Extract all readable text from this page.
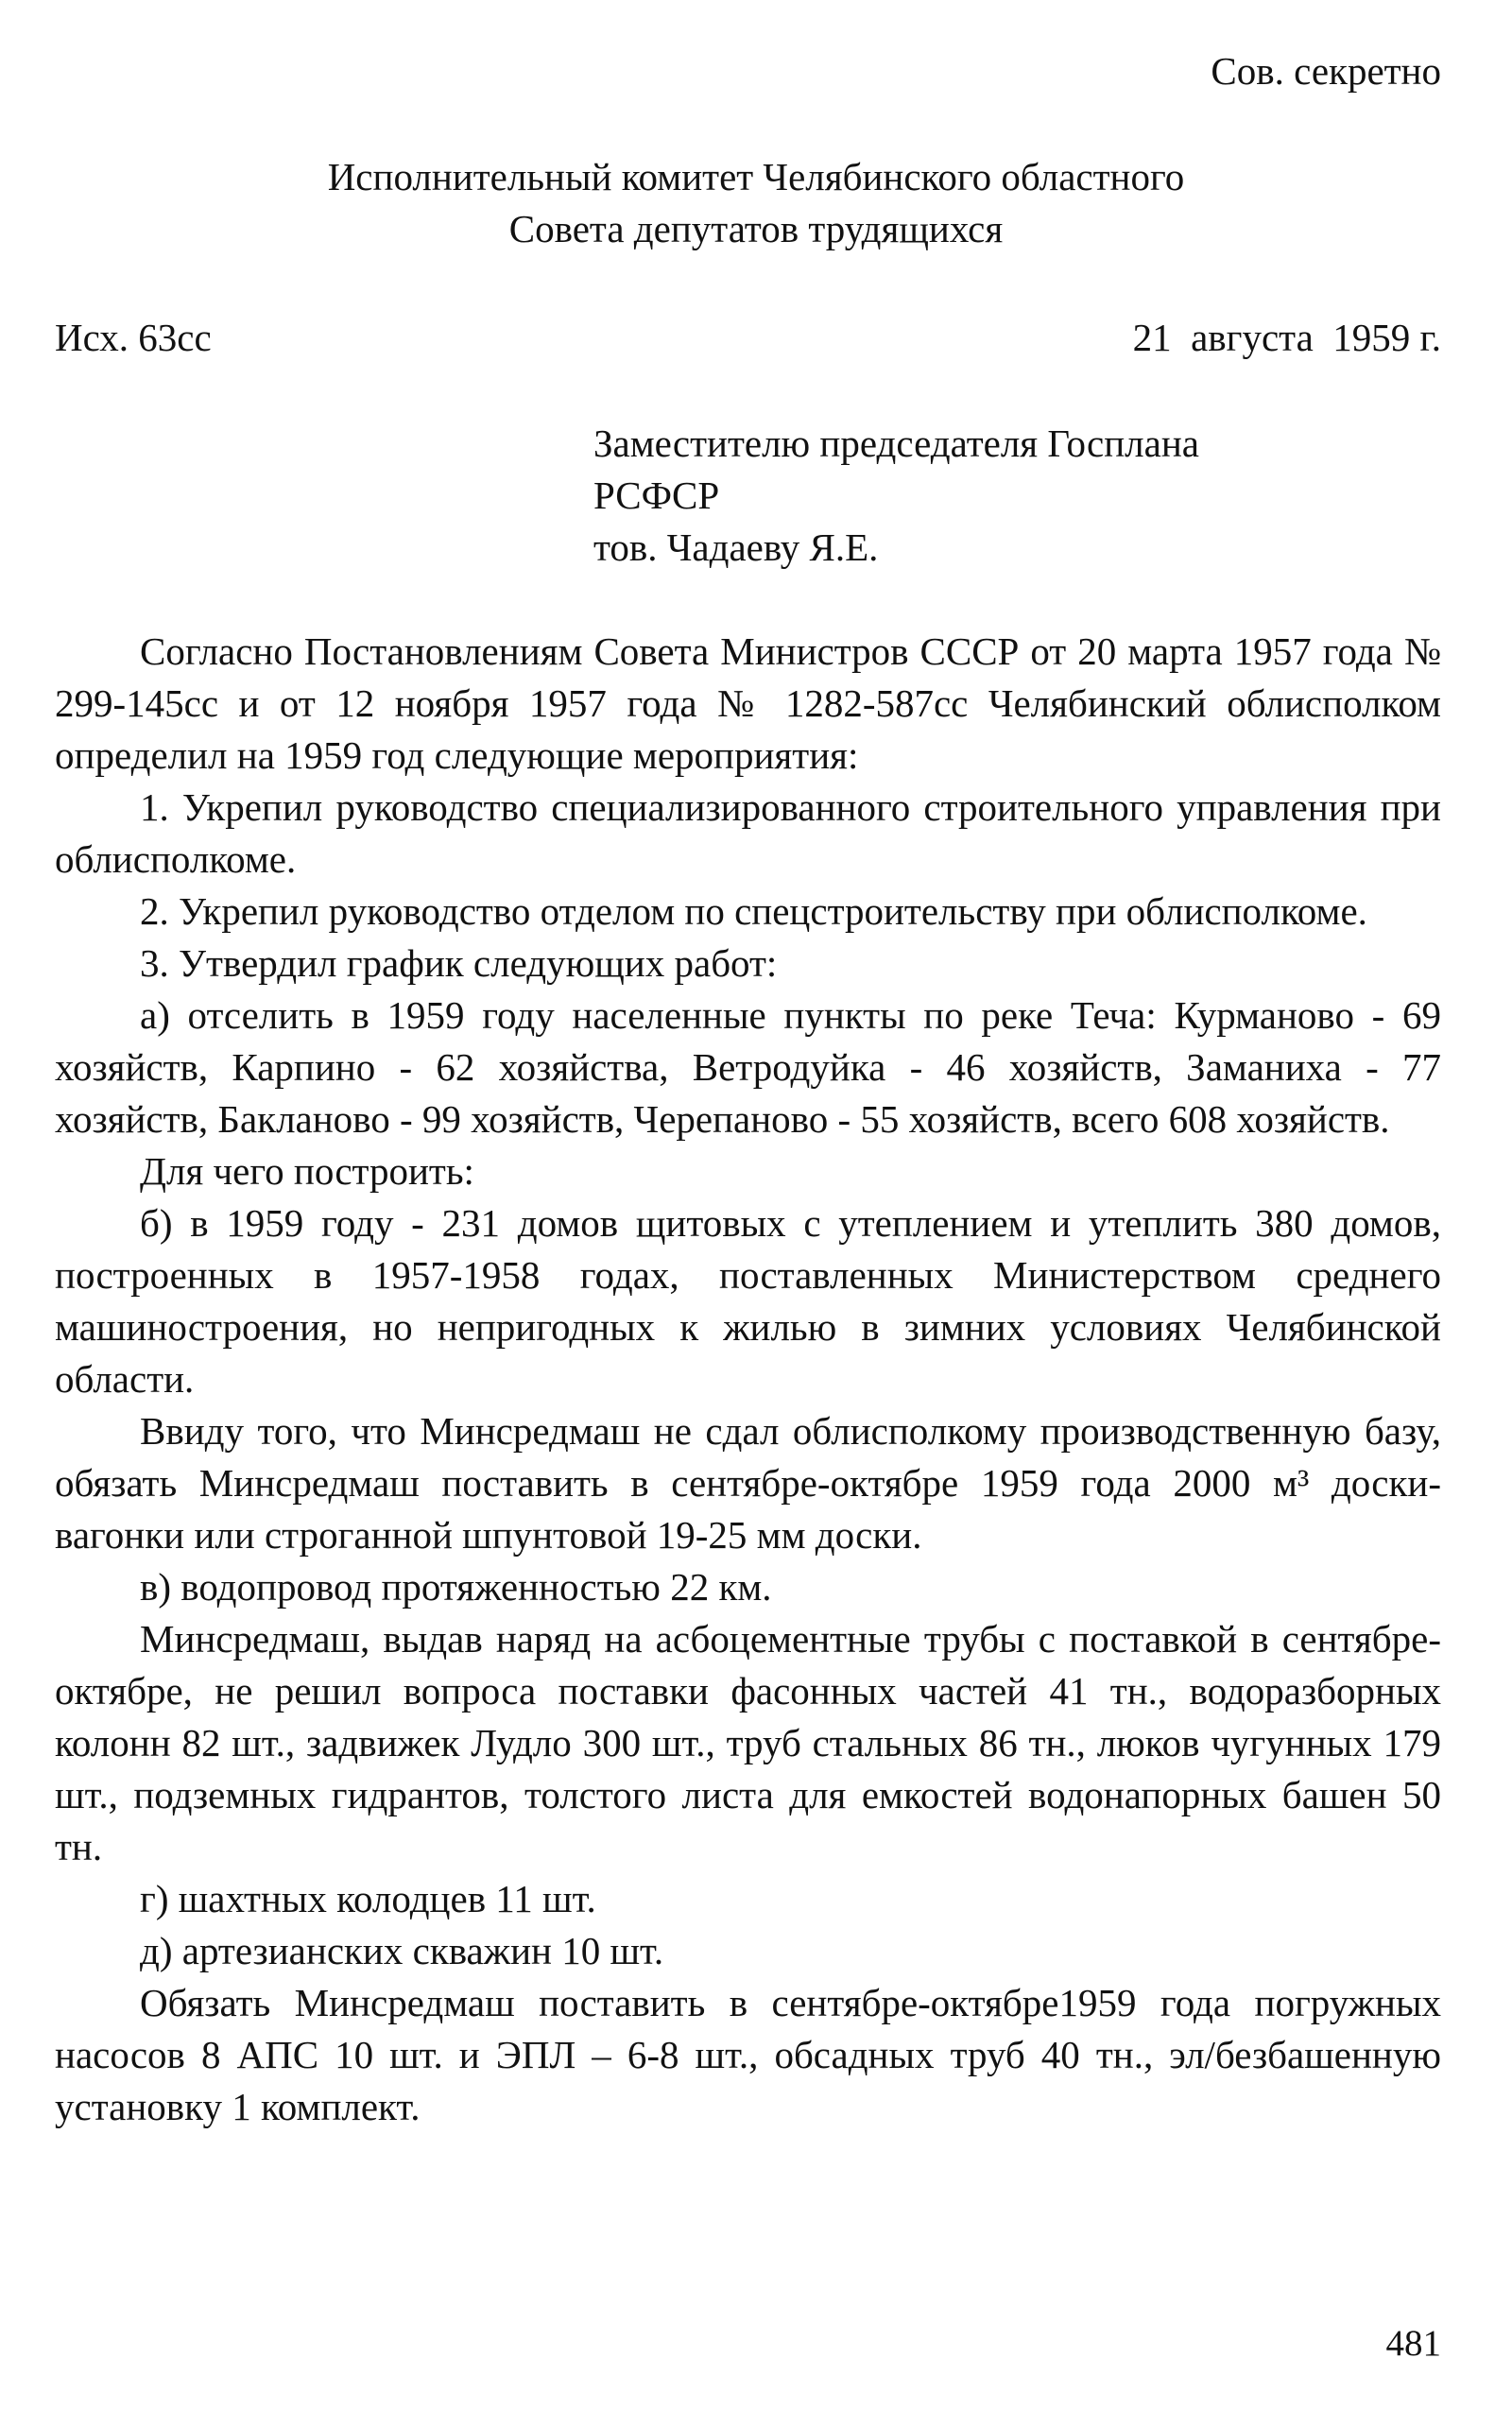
Сов. секретно
Исполнительный комитет Челябинского областного
Совета депутатов трудящихся
Исх. 63сс	21  августа  1959 г.
Заместителю председателя Госплана
РСФСР
тов. Чадаеву Я.Е.

Согласно Постановлениям Совета Министров СССР от 20 марта 1957 года № 299-145сс и от 12 ноября 1957 года № 1282-587сс Челябинский облисполком определил на 1959 год следующие мероприятия:

1. Укрепил руководство специализированного строительного управления при облисполкоме.

2. Укрепил руководство отделом по спецстроительству при облисполкоме.

3. Утвердил график следующих работ:

а) отселить в 1959 году населенные пункты по реке Теча: Курманово - 69 хозяйств, Карпино - 62 хозяйства, Ветродуйка - 46 хозяйств, Заманиха - 77 хозяйств, Бакланово - 99 хозяйств, Черепаново - 55 хозяйств, всего 608 хозяйств.

Для чего построить:

б) в 1959 году - 231 домов щитовых с утеплением и утеплить 380 домов, построенных в 1957-1958 годах, поставленных Министерством среднего машиностроения, но непригодных к жилью в зимних условиях Челябинской области.

Ввиду того, что Минсредмаш не сдал облисполкому производственную базу, обязать Минсредмаш поставить в сентябре-октябре 1959 года 2000 м³ доски-вагонки или строганной шпунтовой 19-25 мм доски.

в) водопровод протяженностью 22 км.

Минсредмаш, выдав наряд на асбоцементные трубы с поставкой в сентябре-октябре, не решил вопроса поставки фасонных частей 41 тн., водоразборных колонн 82 шт., задвижек Лудло 300 шт., труб стальных 86 тн., люков чугунных 179 шт., подземных гидрантов, толстого листа для емкостей водонапорных башен 50 тн.

г) шахтных колодцев 11 шт.

д) артезианских скважин 10 шт.

Обязать Минсредмаш поставить в сентябре-октябре1959 года погружных насосов 8 АПС 10 шт. и ЭПЛ – 6-8 шт., обсадных труб 40 тн., эл/безбашенную установку 1 комплект.

481
